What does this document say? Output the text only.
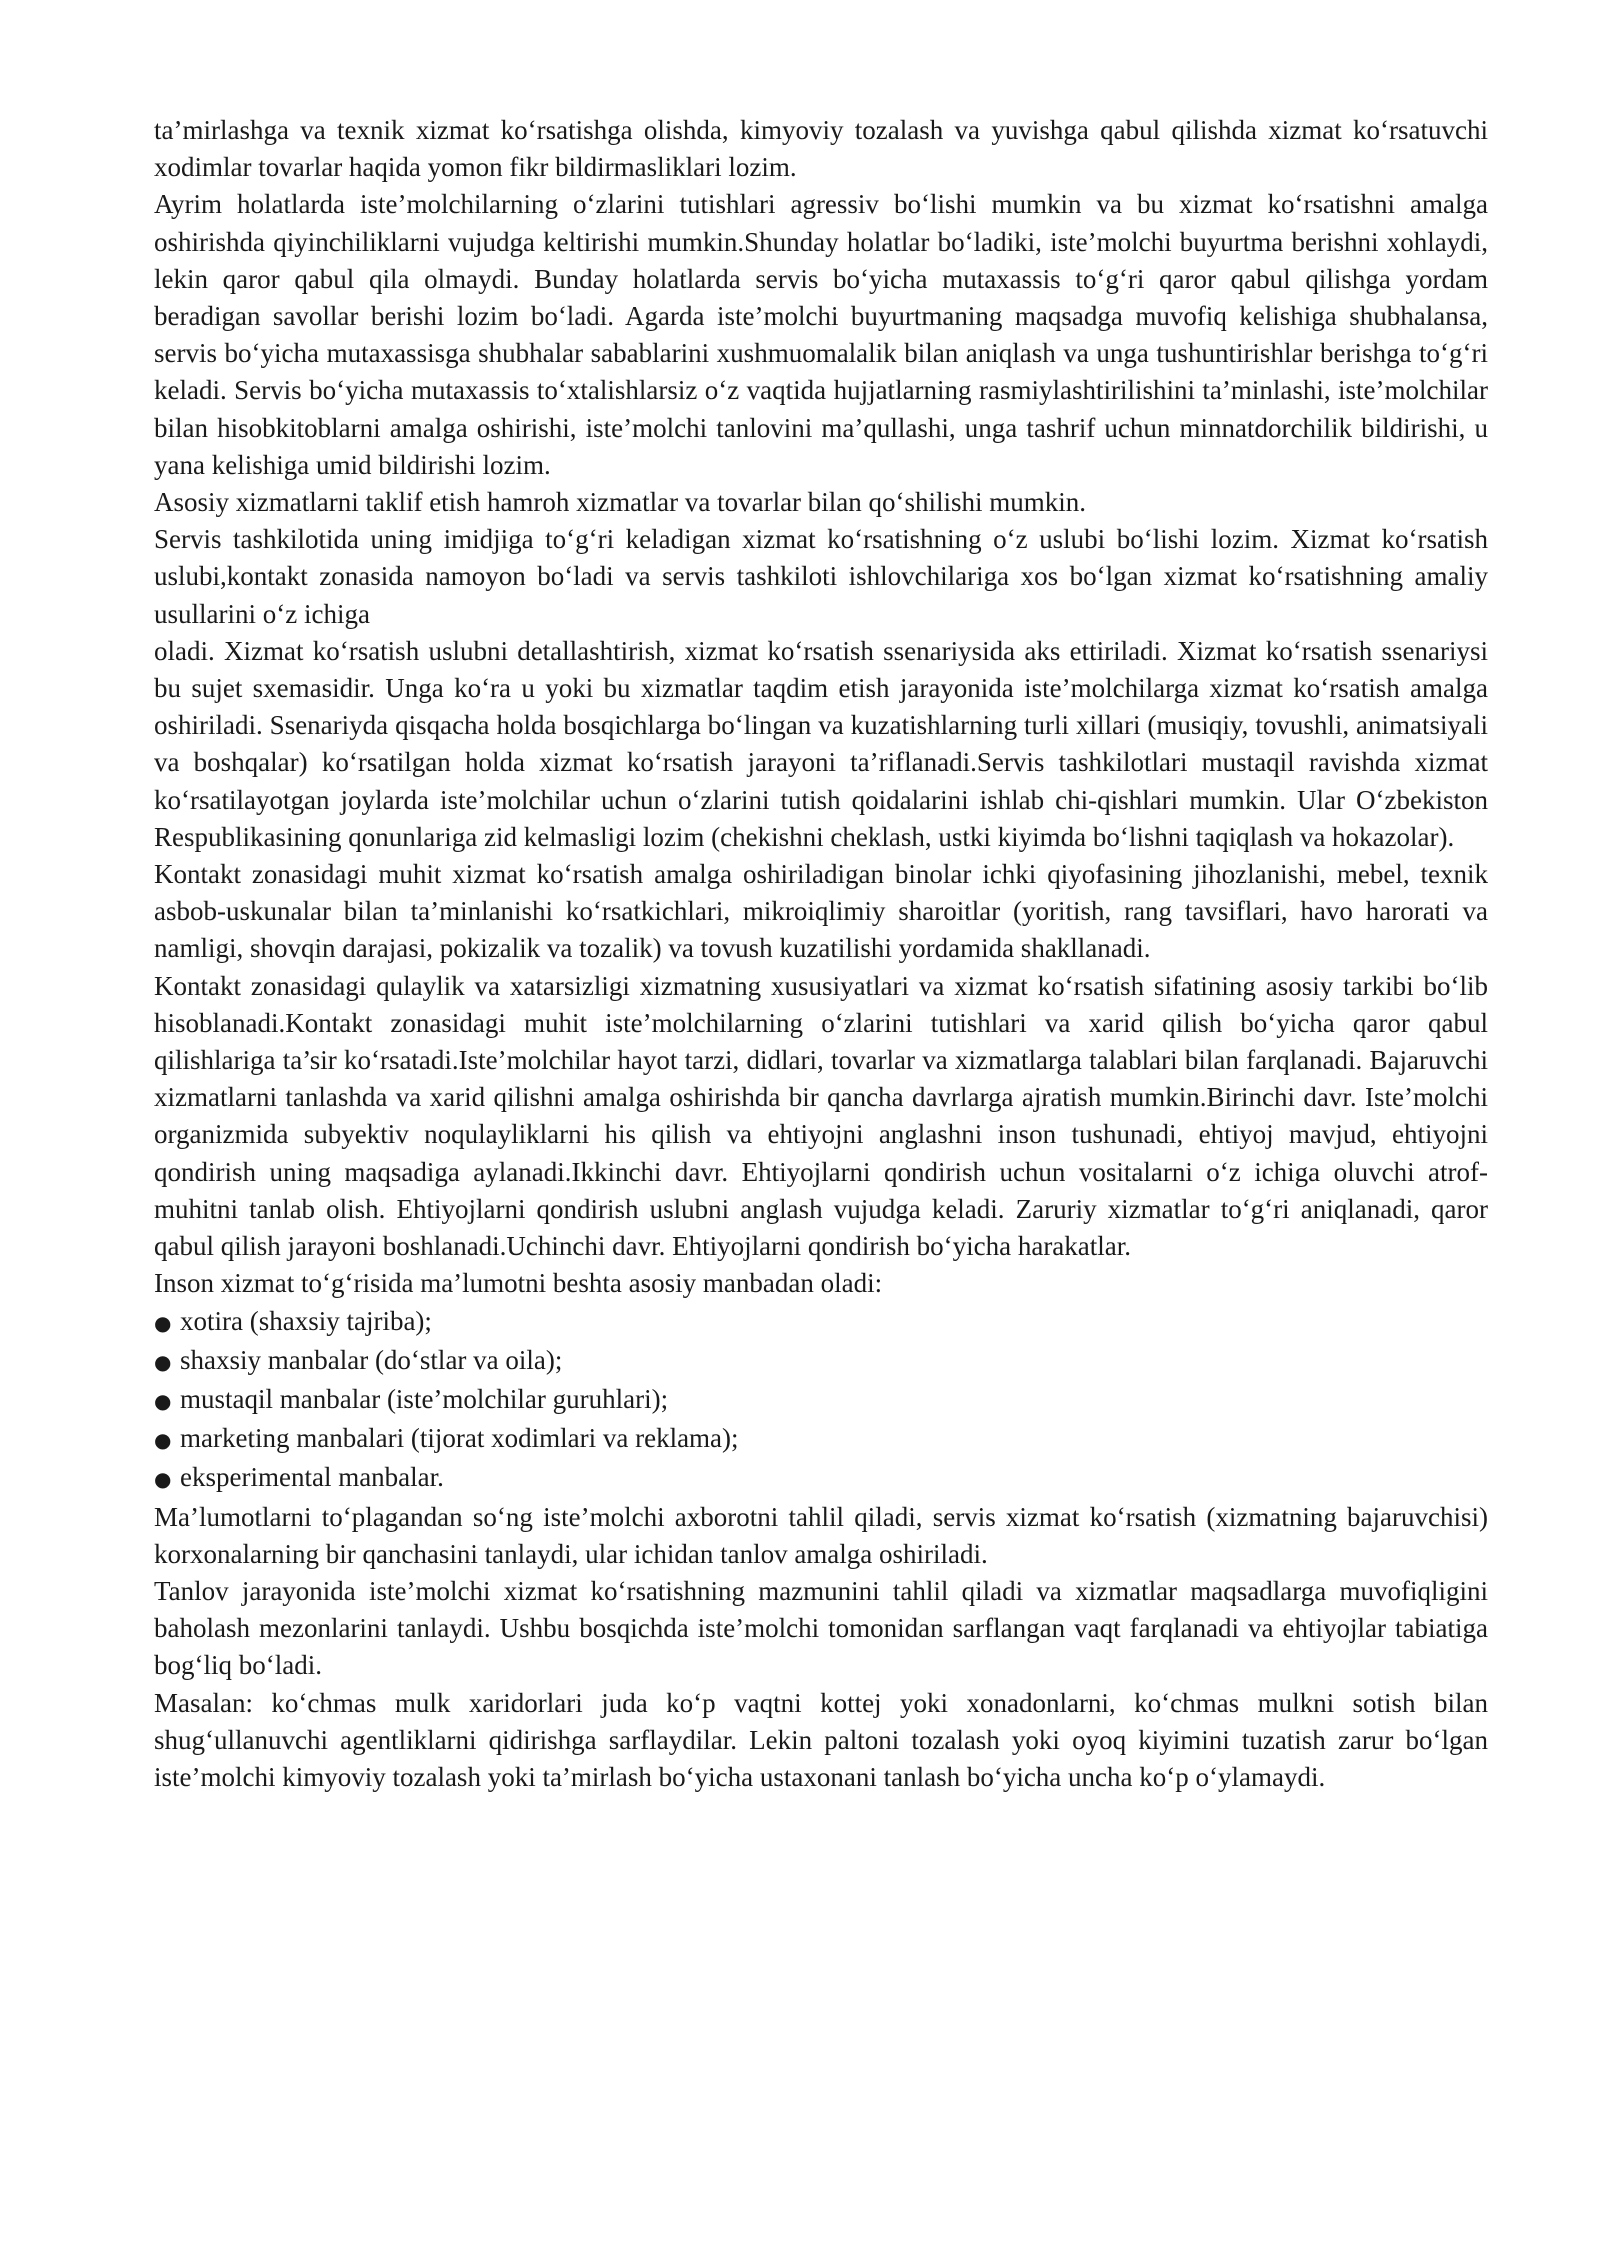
ta’mirlashga va texnik xizmat ko‘rsatishga olishda, kimyoviy tozalash va yuvishga qabul qilishda xizmat ko‘rsatuvchi xodimlar tovarlar haqida yomon fikr bildirmasliklari lozim.

Ayrim holatlarda iste’molchilarning o‘zlarini tutishlari agressiv bo‘lishi mumkin va bu xizmat ko‘rsatishni amalga oshirishda qiyinchiliklarni vujudga keltirishi mumkin.Shunday holatlar bo‘ladiki, iste’molchi buyurtma berishni xohlaydi, lekin qaror qabul qila olmaydi. Bunday holatlarda servis bo‘yicha mutaxassis to‘g‘ri qaror qabul qilishga yordam beradigan savollar berishi lozim bo‘ladi. Agarda iste’molchi buyurtmaning maqsadga muvofiq kelishiga shubhalansa, servis bo‘yicha mutaxassisga shubhalar sabablarini xushmuomalalik bilan aniqlash va unga tushuntirishlar berishga to‘g‘ri keladi. Servis bo‘yicha mutaxassis to‘xtalishlarsiz o‘z vaqtida hujjatlarning rasmiylashtirilishini ta’minlashi, iste’molchilar bilan hisobkitoblarni amalga oshirishi, iste’molchi tanlovini ma’qullashi, unga tashrif uchun minnatdorchilik bildirishi, u yana kelishiga umid bildirishi lozim.

Asosiy xizmatlarni taklif etish hamroh xizmatlar va tovarlar bilan qo‘shilishi mumkin.

Servis tashkilotida uning imidjiga to‘g‘ri keladigan xizmat ko‘rsatishning o‘z uslubi bo‘lishi lozim. Xizmat ko‘rsatish uslubi,kontakt zonasida namoyon bo‘ladi va servis tashkiloti ishlovchilariga xos bo‘lgan xizmat ko‘rsatishning amaliy usullarini o‘z ichiga

oladi. Xizmat ko‘rsatish uslubni detallashtirish, xizmat ko‘rsatish ssenariysida aks ettiriladi. Xizmat ko‘rsatish ssenariysi bu sujet sxemasidir. Unga ko‘ra u yoki bu xizmatlar taqdim etish jarayonida iste’molchilarga xizmat ko‘rsatish amalga oshiriladi. Ssenariyda qisqacha holda bosqichlarga bo‘lingan va kuzatishlarning turli xillari (musiqiy, tovushli, animatsiyali va boshqalar) ko‘rsatilgan holda xizmat ko‘rsatish jarayoni ta’riflanadi.Servis tashkilotlari mustaqil ravishda xizmat ko‘rsatilayotgan joylarda iste’molchilar uchun o‘zlarini tutish qoidalarini ishlab chi-qishlari mumkin. Ular O‘zbekiston Respublikasining qonunlariga zid kelmasligi lozim (chekishni cheklash, ustki kiyimda bo‘lishni taqiqlash va hokazolar).

Kontakt zonasidagi muhit xizmat ko‘rsatish amalga oshiriladigan binolar ichki qiyofasining jihozlanishi, mebel, texnik asbob-uskunalar bilan ta’minlanishi ko‘rsatkichlari, mikroiqlimiy sharoitlar (yoritish, rang tavsiflari, havo harorati va namligi, shovqin darajasi, pokizalik va tozalik) va tovush kuzatilishi yordamida shakllanadi.

Kontakt zonasidagi qulaylik va xatarsizligi xizmatning xususiyatlari va xizmat ko‘rsatish sifatining asosiy tarkibi bo‘lib hisoblanadi.Kontakt zonasidagi muhit iste’molchilarning o‘zlarini tutishlari va xarid qilish bo‘yicha qaror qabul qilishlariga ta’sir ko‘rsatadi.Iste’molchilar hayot tarzi, didlari, tovarlar va xizmatlarga talablari bilan farqlanadi. Bajaruvchi xizmatlarni tanlashda va xarid qilishni amalga oshirishda bir qancha davrlarga ajratish mumkin.Birinchi davr. Iste’molchi organizmida subyektiv noqulayliklarni his qilish va ehtiyojni anglashni inson tushunadi, ehtiyoj mavjud, ehtiyojni qondirish uning maqsadiga aylanadi.Ikkinchi davr. Ehtiyojlarni qondirish uchun vositalarni o‘z ichiga oluvchi atrof-muhitni tanlab olish. Ehtiyojlarni qondirish uslubni anglash vujudga keladi. Zaruriy xizmatlar to‘g‘ri aniqlanadi, qaror qabul qilish jarayoni boshlanadi.Uchinchi davr. Ehtiyojlarni qondirish bo‘yicha harakatlar.

Inson xizmat to‘g‘risida ma’lumotni beshta asosiy manbadan oladi:

● xotira (shaxsiy tajriba);
● shaxsiy manbalar (do‘stlar va oila);
● mustaqil manbalar (iste’molchilar guruhlari);
● marketing manbalari (tijorat xodimlari va reklama);
● eksperimental manbalar.

Ma’lumotlarni to‘plagandan so‘ng iste’molchi axborotni tahlil qiladi, servis xizmat ko‘rsatish (xizmatning bajaruvchisi) korxonalarning bir qanchasini tanlaydi, ular ichidan tanlov amalga oshiriladi.

Tanlov jarayonida iste’molchi xizmat ko‘rsatishning mazmunini tahlil qiladi va xizmatlar maqsadlarga muvofiqligini baholash mezonlarini tanlaydi. Ushbu bosqichda iste’molchi tomonidan sarflangan vaqt farqlanadi va ehtiyojlar tabiatiga bog‘liq bo‘ladi.

Masalan: ko‘chmas mulk xaridorlari juda ko‘p vaqtni kottej yoki xonadonlarni, ko‘chmas mulkni sotish bilan shug‘ullanuvchi agentliklarni qidirishga sarflaydilar. Lekin paltoni tozalash yoki oyoq kiyimini tuzatish zarur bo‘lgan iste’molchi kimyoviy tozalash yoki ta’mirlash bo‘yicha ustaxonani tanlash bo‘yicha uncha ko‘p o‘ylamaydi.
